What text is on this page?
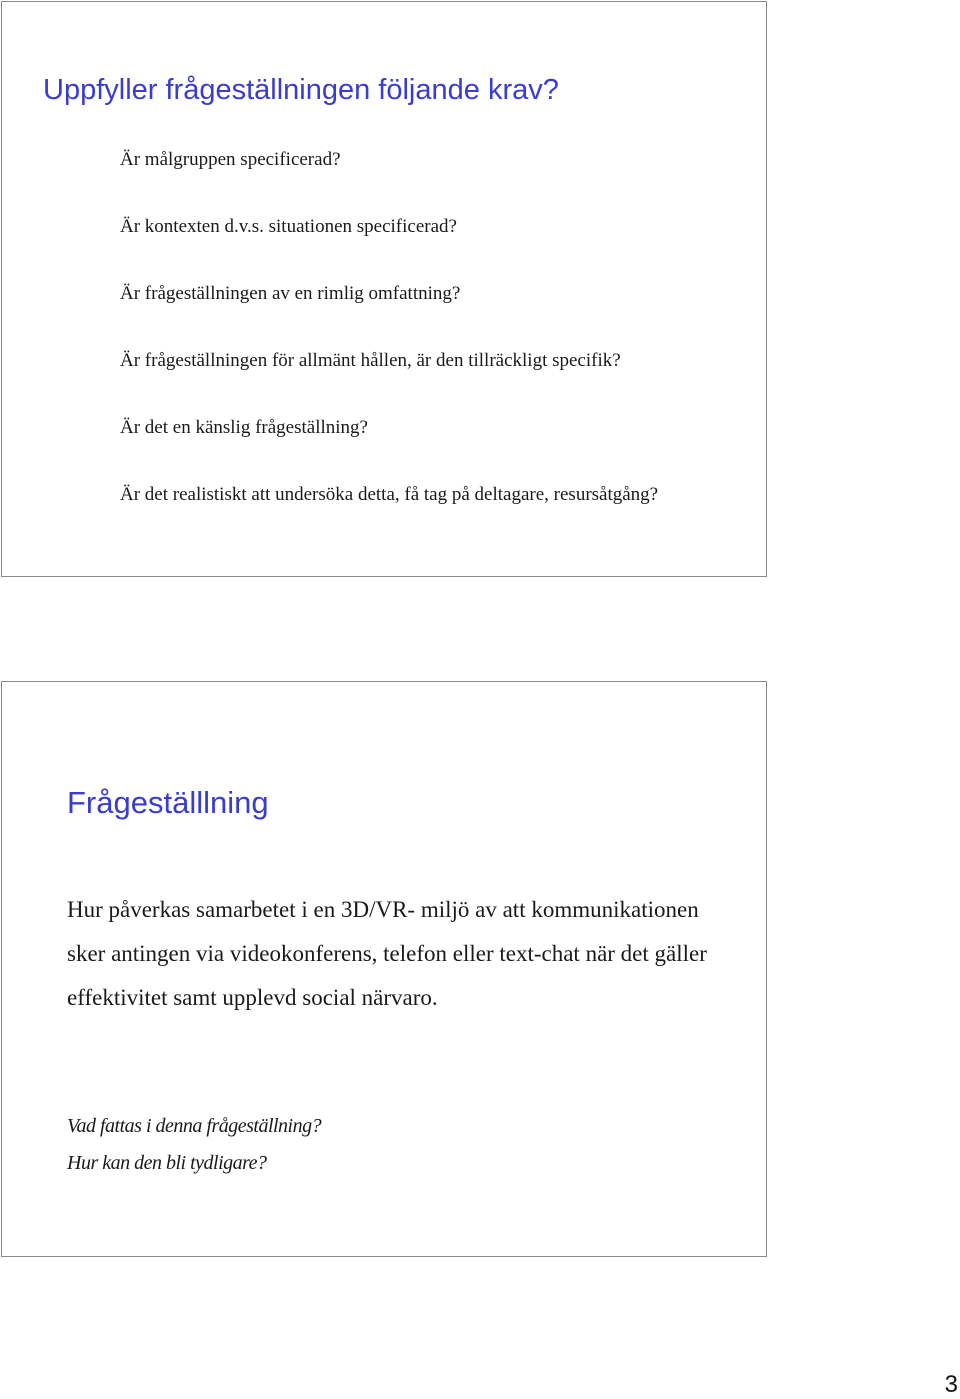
Uppfyller frågeställningen följande krav?
Är målgruppen specificerad?
Är kontexten d.v.s. situationen specificerad?
Är frågeställningen av en rimlig omfattning?
Är frågeställningen för allmänt hållen, är den tillräckligt specifik?
Är det en känslig frågeställning?
Är det realistiskt att undersöka detta, få tag på deltagare, resursåtgång?
Frågeställlning

Hur påverkas samarbetet i en 3D/VR- miljö av att kommunikationen sker antingen via videokonferens, telefon eller text-chat när det gäller effektivitet samt upplevd social närvaro.

Vad fattas i denna frågeställning?
Hur kan den bli tydligare?
3
